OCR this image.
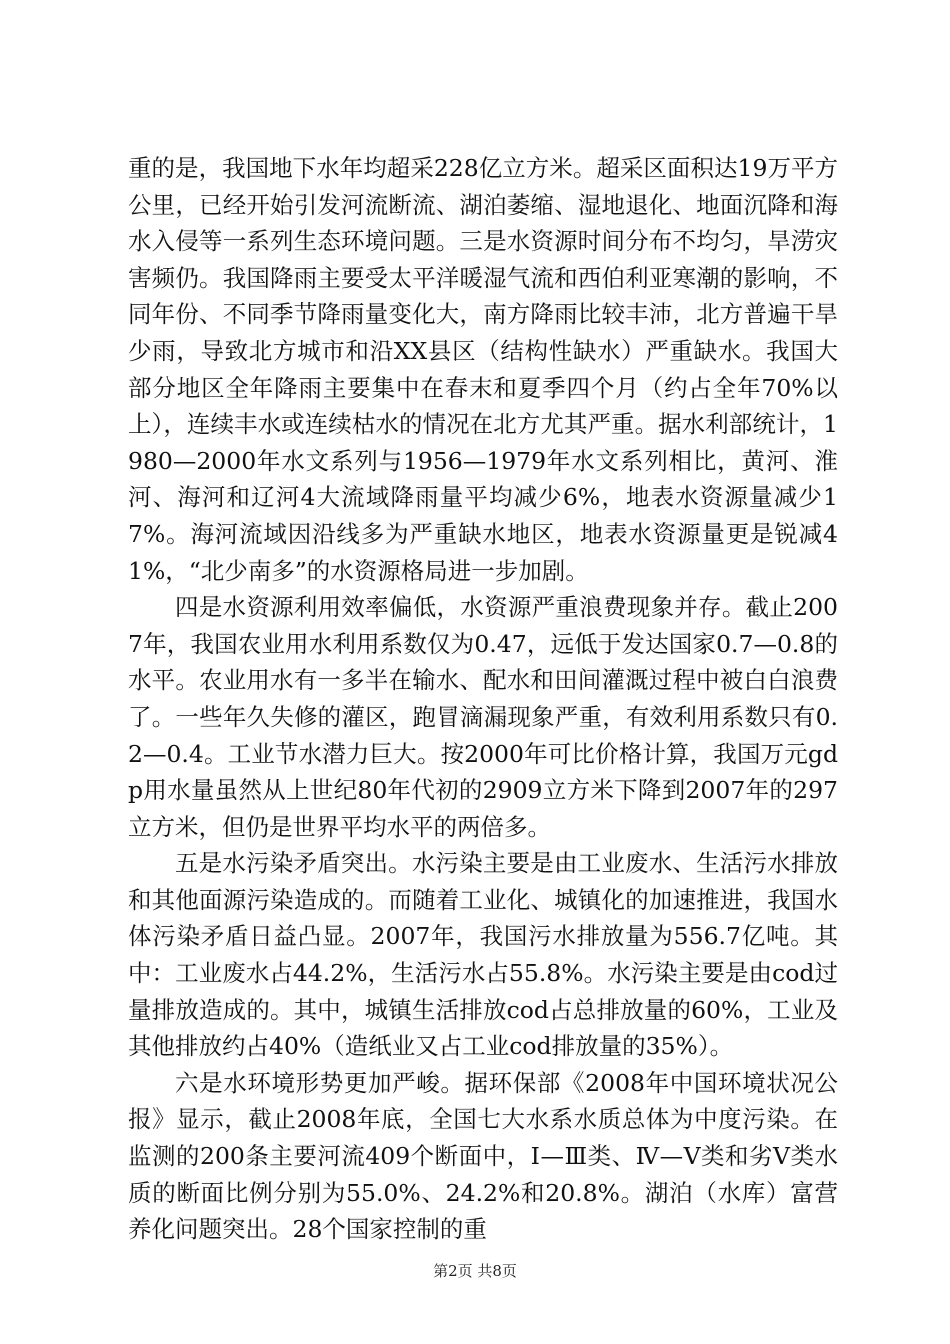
重的是，我国地下水年均超采228亿立方米。超采区面积达19万平方公里，已经开始引发河流断流、湖泊萎缩、湿地退化、地面沉降和海水入侵等一系列生态环境问题。三是水资源时间分布不均匀，旱涝灾害频仍。我国降雨主要受太平洋暖湿气流和西伯利亚寒潮的影响，不同年份、不同季节降雨量变化大，南方降雨比较丰沛，北方普遍干旱少雨，导致北方城市和沿XX县区（结构性缺水）严重缺水。我国大部分地区全年降雨主要集中在春末和夏季四个月（约占全年70%以上），连续丰水或连续枯水的情况在北方尤其严重。据水利部统计，1980—2000年水文系列与1956—1979年水文系列相比，黄河、淮河、海河和辽河4大流域降雨量平均减少6%，地表水资源量减少17%。海河流域因沿线多为严重缺水地区，地表水资源量更是锐减41%，“北少南多”的水资源格局进一步加剧。

四是水资源利用效率偏低，水资源严重浪费现象并存。截止2007年，我国农业用水利用系数仅为0.47，远低于发达国家0.7—0.8的水平。农业用水有一多半在输水、配水和田间灌溉过程中被白白浪费了。一些年久失修的灌区，跑冒滴漏现象严重，有效利用系数只有0.2—0.4。工业节水潜力巨大。按2000年可比价格计算，我国万元gdp用水量虽然从上世纪80年代初的2909立方米下降到2007年的297立方米，但仍是世界平均水平的两倍多。

五是水污染矛盾突出。水污染主要是由工业废水、生活污水排放和其他面源污染造成的。而随着工业化、城镇化的加速推进，我国水体污染矛盾日益凸显。2007年，我国污水排放量为556.7亿吨。其中：工业废水占44.2%，生活污水占55.8%。水污染主要是由cod过量排放造成的。其中，城镇生活排放cod占总排放量的60%，工业及其他排放约占40%（造纸业又占工业cod排放量的35%）。

六是水环境形势更加严峻。据环保部《2008年中国环境状况公报》显示，截止2008年底，全国七大水系水质总体为中度污染。在监测的200条主要河流409个断面中，Ⅰ—Ⅲ类、Ⅳ—Ⅴ类和劣Ⅴ类水质的断面比例分别为55.0%、24.2%和20.8%。湖泊（水库）富营养化问题突出。28个国家控制的重

第2页 共8页
